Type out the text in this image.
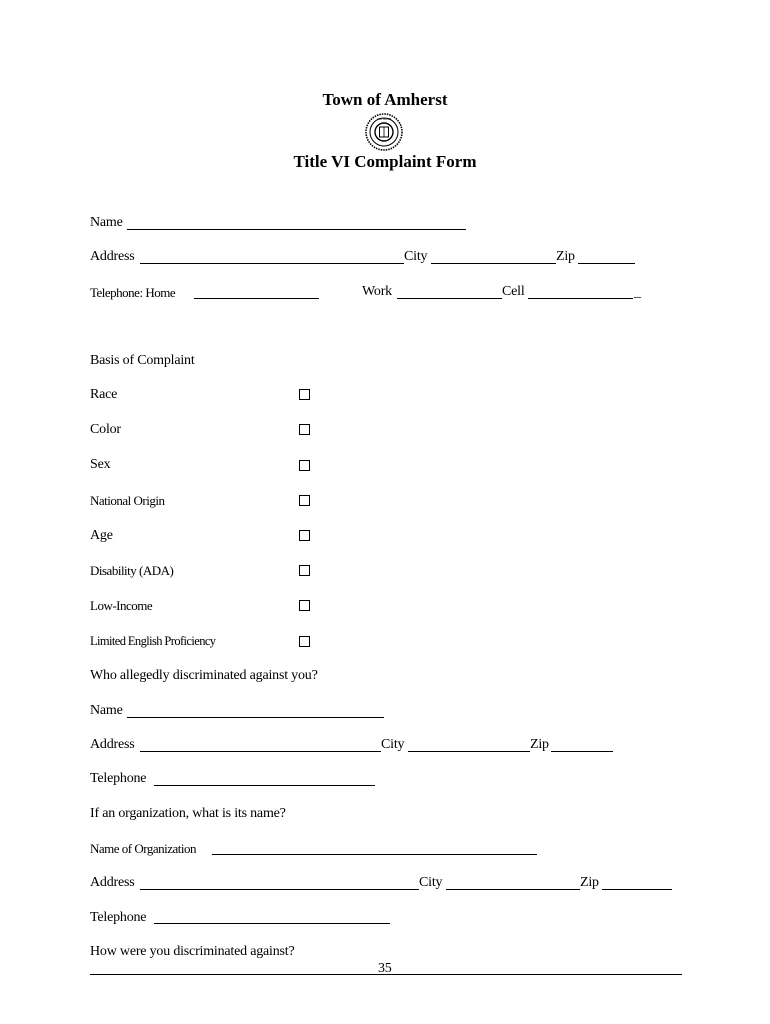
Town of Amherst
AMHERST
Title VI Complaint Form
Name
Address	City	Zip
Telephone: Home	Work	Cell	_
Basis of Complaint
Race
Color
Sex
National Origin
Age
Disability (ADA)
Low-Income
Limited English Proficiency
Who allegedly discriminated against you?
Name
Address	City	Zip
Telephone
If an organization, what is its name?
Name of Organization
Address	City	Zip
Telephone
How were you discriminated against?
35
